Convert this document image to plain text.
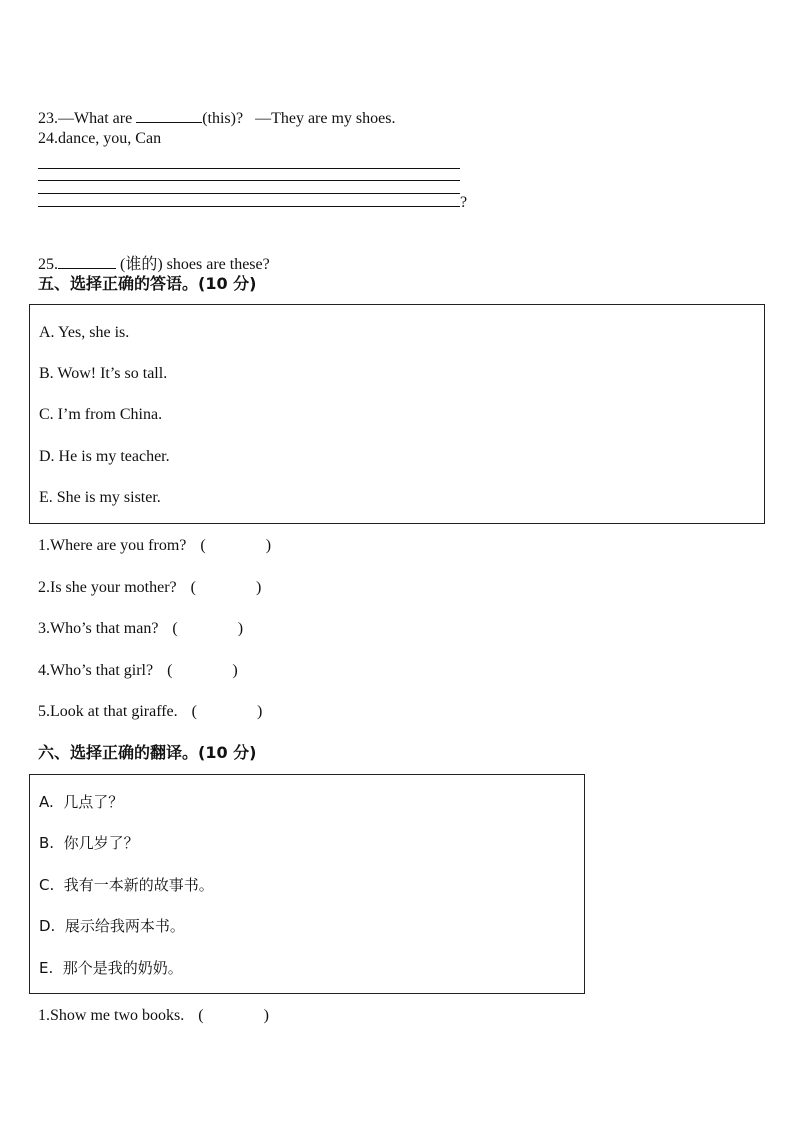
23.—What are	(this)? —They are my shoes.

24.dance, you, Can
?

25.	(谁的) shoes are these?

五、选择正确的答语。(10 分)
A. Yes, she is.
B. Wow! It’s so tall.
C. I’m from China.
D. He is my teacher.
E. She is my sister.
1.Where are you from? (	)
2.Is she your mother? (	)
3.Who’s that man? (	)
4.Who’s that girl? (	)
5.Look at that giraffe. (	)
六、选择正确的翻译。(10 分)
A.  几点了？
B.  你几岁了？
C.  我有一本新的故事书。
D.  展示给我两本书。
E.  那个是我的奶奶。
1.Show me two books. (	)
